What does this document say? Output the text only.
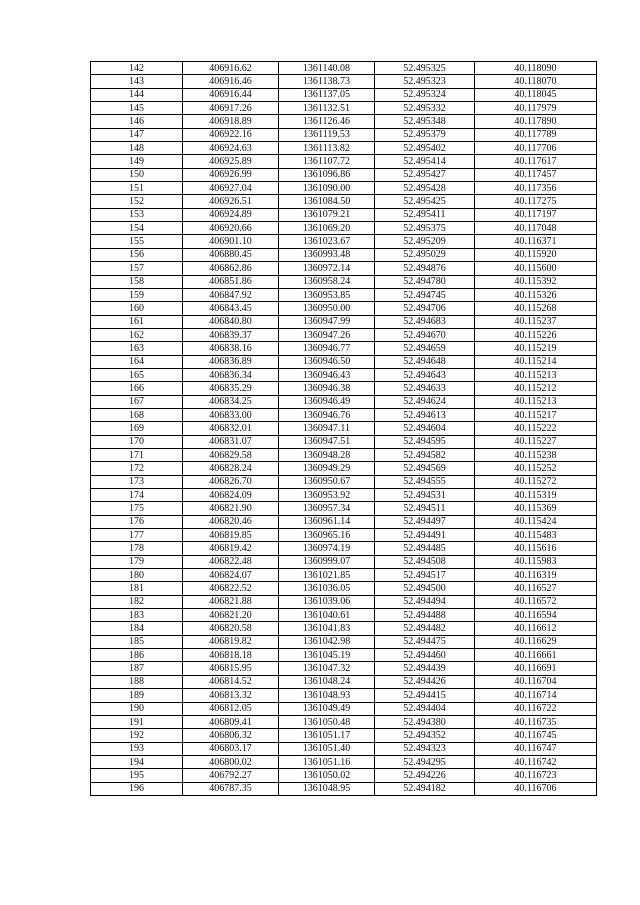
142	406916.62	1361140.08	52.495325	40.118090
143	406916.46	1361138.73	52.495323	40.118070
144	406916.44	1361137.05	52.495324	40.118045
145	406917.26	1361132.51	52.495332	40.117979
146	406918.89	1361126.46	52.495348	40.117890
147	406922.16	1361119.53	52.495379	40.117789
148	406924.63	1361113.82	52.495402	40.117706
149	406925.89	1361107.72	52.495414	40.117617
150	406926.99	1361096.86	52.495427	40.117457
151	406927.04	1361090.00	52.495428	40.117356
152	406926.51	1361084.50	52.495425	40.117275
153	406924.89	1361079.21	52.495411	40.117197
154	406920.66	1361069.20	52.495375	40.117048
155	406901.10	1361023.67	52.495209	40.116371
156	406880.45	1360993.48	52.495029	40.115920
157	406862.86	1360972.14	52.494876	40.115600
158	406851.86	1360958.24	52.494780	40.115392
159	406847.92	1360953.85	52.494745	40.115326
160	406843.45	1360950.00	52.494706	40.115268
161	406840.80	1360947.99	52.494683	40.115237
162	406839.37	1360947.26	52.494670	40.115226
163	406838.16	1360946.77	52.494659	40.115219
164	406836.89	1360946.50	52.494648	40.115214
165	406836.34	1360946.43	52.494643	40.115213
166	406835.29	1360946.38	52.494633	40.115212
167	406834.25	1360946.49	52.494624	40.115213
168	406833.00	1360946.76	52.494613	40.115217
169	406832.01	1360947.11	52.494604	40.115222
170	406831.07	1360947.51	52.494595	40.115227
171	406829.58	1360948.28	52.494582	40.115238
172	406828.24	1360949.29	52.494569	40.115252
173	406826.70	1360950.67	52.494555	40.115272
174	406824.09	1360953.92	52.494531	40.115319
175	406821.90	1360957.34	52.494511	40.115369
176	406820.46	1360961.14	52.494497	40.115424
177	406819.85	1360965.16	52.494491	40.115483
178	406819.42	1360974.19	52.494485	40.115616
179	406822.48	1360999.07	52.494508	40.115983
180	406824.07	1361021.85	52.494517	40.116319
181	406822.52	1361036.05	52.494500	40.116527
182	406821.88	1361039.06	52.494494	40.116572
183	406821.20	1361040.61	52.494488	40.116594
184	406820.58	1361041.83	52.494482	40.116612
185	406819.82	1361042.98	52.494475	40.116629
186	406818.18	1361045.19	52.494460	40.116661
187	406815.95	1361047.32	52.494439	40.116691
188	406814.52	1361048.24	52.494426	40.116704
189	406813.32	1361048.93	52.494415	40.116714
190	406812.05	1361049.49	52.494404	40.116722
191	406809.41	1361050.48	52.494380	40.116735
192	406806.32	1361051.17	52.494352	40.116745
193	406803.17	1361051.40	52.494323	40.116747
194	406800.02	1361051.16	52.494295	40.116742
195	406792.27	1361050.02	52.494226	40.116723
196	406787.35	1361048.95	52.494182	40.116706
